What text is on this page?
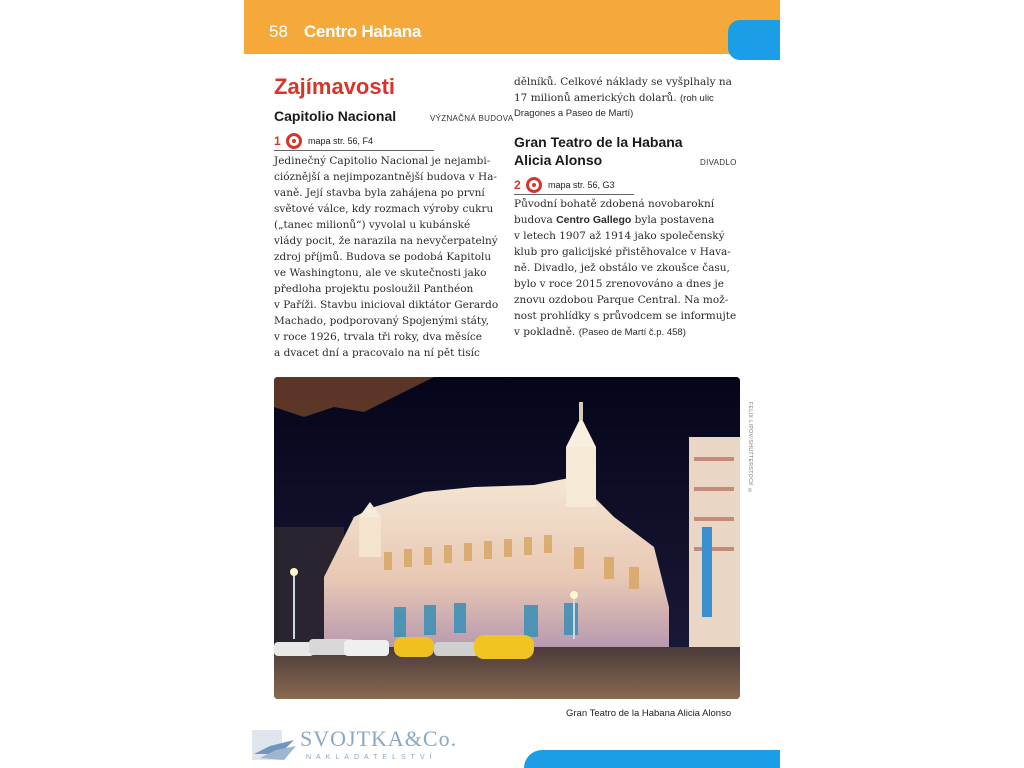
58 Centro Habana
Zajímavosti
Capitolio Nacional	VÝZNAČNÁ BUDOVA
1	mapa str. 56, F4
Jedinečný Capitolio Nacional je nejambi-
cióznější a nejimpozantnější budova v Ha-
vaně. Její stavba byla zahájena po první
světové válce, kdy rozmach výroby cukru
(„tanec milionů“) vyvolal u kubánské
vlády pocit, že narazila na nevyčerpatelný
zdroj příjmů. Budova se podobá Kapitolu
ve Washingtonu, ale ve skutečnosti jako
předloha projektu posloužil Panthéon
v Paříži. Stavbu inicioval diktátor Gerardo
Machado, podporovaný Spojenými státy,
v roce 1926, trvala tři roky, dva měsíce
a dvacet dní a pracovalo na ní pět tisíc
dělníků. Celkové náklady se vyšplhaly na
17 milionů amerických dolarů. (roh ulic
Dragones a Paseo de Martí)
Gran Teatro de la Habana
Alicia Alonso	DIVADLO
2	mapa str. 56, G3
Původní bohatě zdobená novobarokní
budova Centro Gallego byla postavena
v letech 1907 až 1914 jako společenský
klub pro galicijské přistěhovalce v Hava-
ně. Divadlo, jež obstálo ve zkoušce času,
bylo v roce 2015 zrenovováno a dnes je
znovu ozdobou Parque Central. Na mož-
nost prohlídky s průvodcem se informujte
v pokladně. (Paseo de Martí č.p. 458)
Gran Teatro de la Habana Alicia Alonso
FELIX LIPOV/SHUTTERSTOCK ©
SVOJTKA&Co.
NAKLADATELSTVÍ
